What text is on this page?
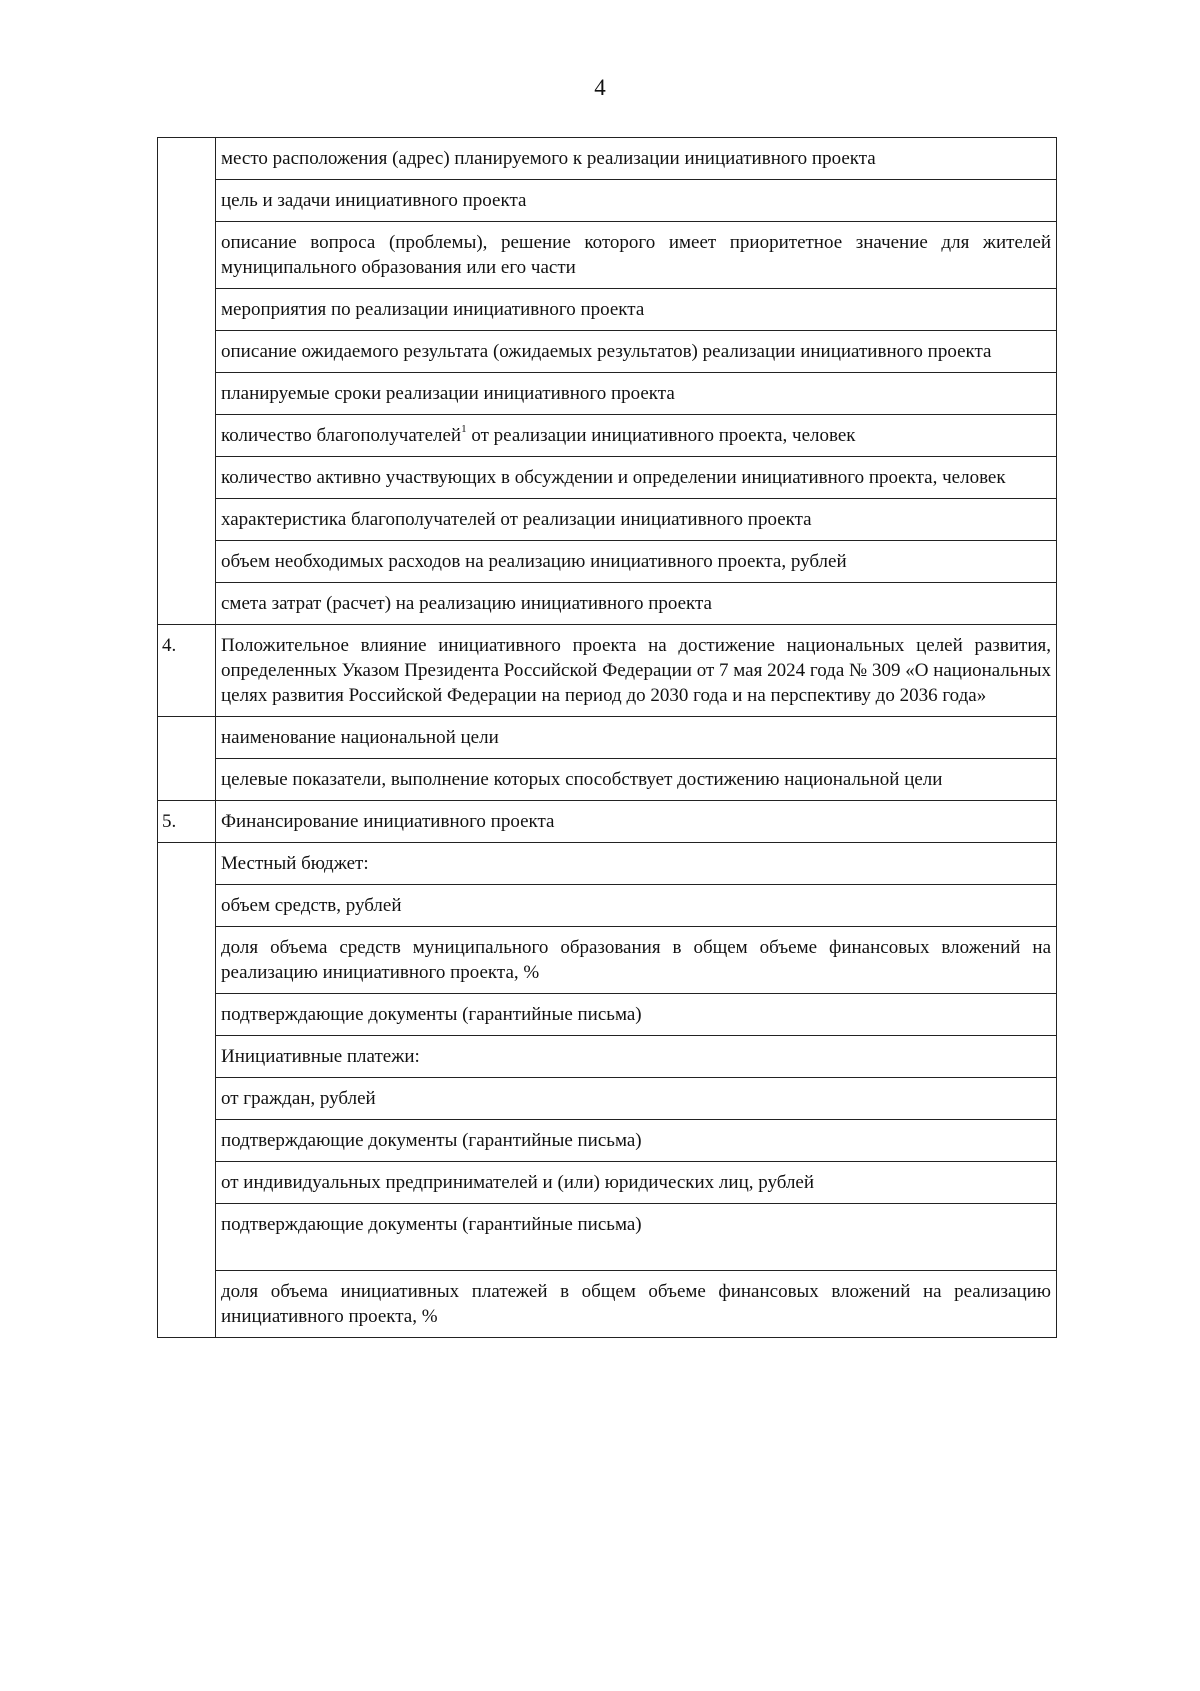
4
	место расположения (адрес) планируемого к реализации инициативного проекта
	цель и задачи инициативного проекта
	описание вопроса (проблемы), решение которого имеет приоритетное значение для жителей муниципального образования или его части
	мероприятия по реализации инициативного проекта
	описание ожидаемого результата (ожидаемых результатов) реализации инициативного проекта
	планируемые сроки реализации инициативного проекта
	количество благополучателей$^1$ от реализации инициативного проекта, человек
	количество активно участвующих в обсуждении и определении инициативного проекта, человек
	характеристика благополучателей от реализации инициативного проекта
	объем необходимых расходов на реализацию инициативного проекта, рублей
	смета затрат (расчет) на реализацию инициативного проекта
4.	Положительное влияние инициативного проекта на достижение национальных целей развития, определенных Указом Президента Российской Федерации от 7 мая 2024 года № 309 «О национальных целях развития Российской Федерации на период до 2030 года и на перспективу до 2036 года»
	наименование национальной цели
	целевые показатели, выполнение которых способствует достижению национальной цели
5.	Финансирование инициативного проекта
	Местный бюджет:
	объем средств, рублей
	доля объема средств муниципального образования в общем объеме финансовых вложений на реализацию инициативного проекта, %
	подтверждающие документы (гарантийные письма)
	Инициативные платежи:
	от граждан, рублей
	подтверждающие документы (гарантийные письма)
	от индивидуальных предпринимателей и (или) юридических лиц, рублей
	подтверждающие документы (гарантийные письма)
	доля объема инициативных платежей в общем объеме финансовых вложений на реализацию инициативного проекта, %
